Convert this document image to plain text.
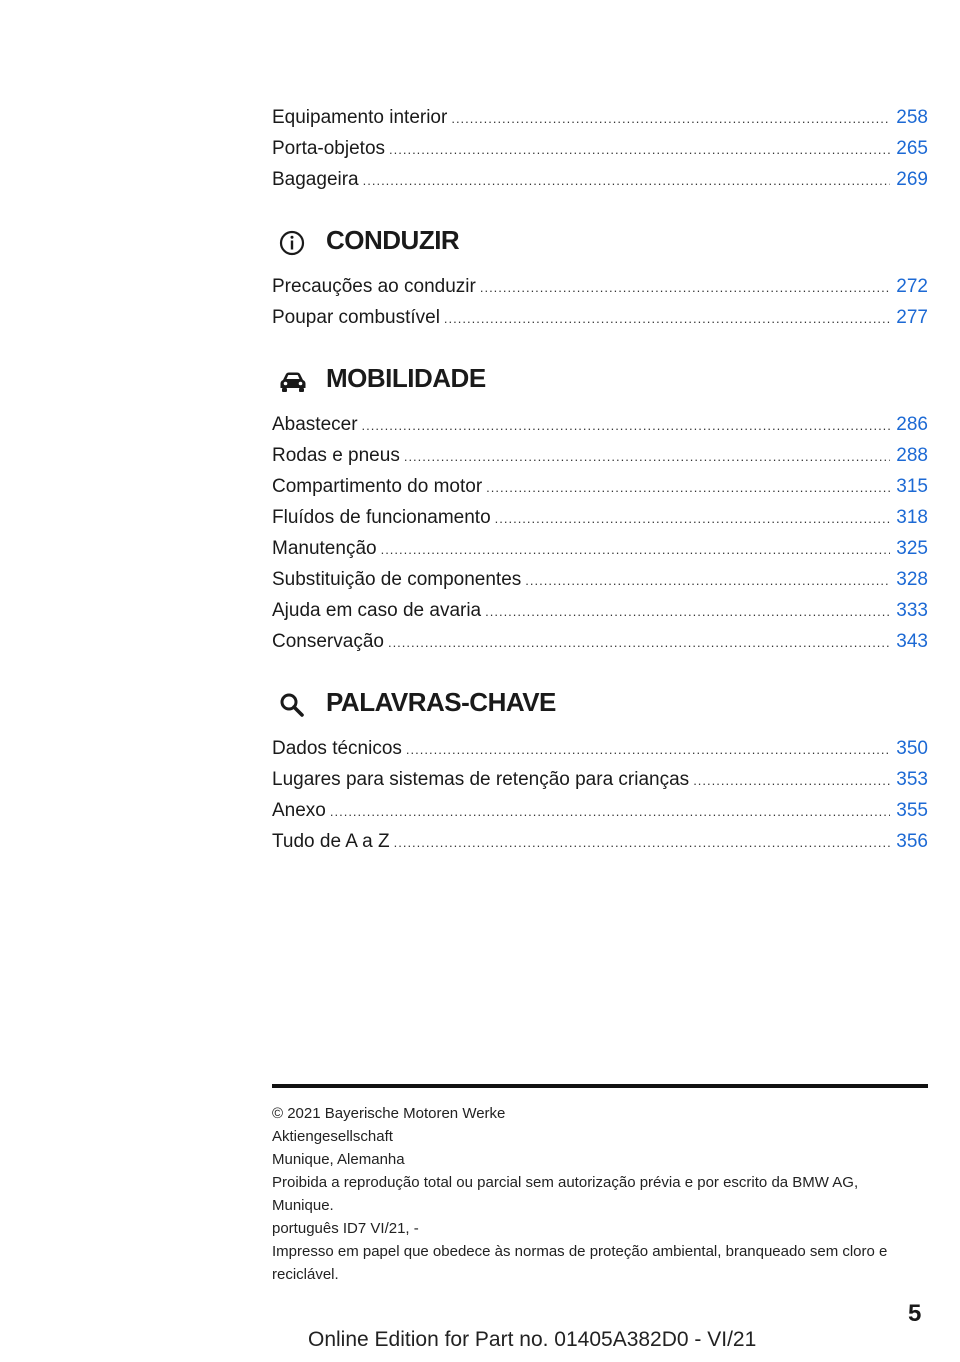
Equipamento interior .....	258
Porta-objetos .....	265
Bagageira .....	269
CONDUZIR
Precauções ao conduzir .....	272
Poupar combustível .....	277
MOBILIDADE
Abastecer .....	286
Rodas e pneus .....	288
Compartimento do motor .....	315
Fluídos de funcionamento .....	318
Manutenção .....	325
Substituição de componentes .....	328
Ajuda em caso de avaria .....	333
Conservação .....	343
PALAVRAS-CHAVE
Dados técnicos .....	350
Lugares para sistemas de retenção para crianças .....	353
Anexo .....	355
Tudo de A a Z .....	356
© 2021 Bayerische Motoren Werke
Aktiengesellschaft
Munique, Alemanha
Proibida a reprodução total ou parcial sem autorização prévia e por escrito da BMW AG,
Munique.
português ID7 VI/21, -
Impresso em papel que obedece às normas de proteção ambiental, branqueado sem cloro e
reciclável.
5
Online Edition for Part no. 01405A382D0 - VI/21
